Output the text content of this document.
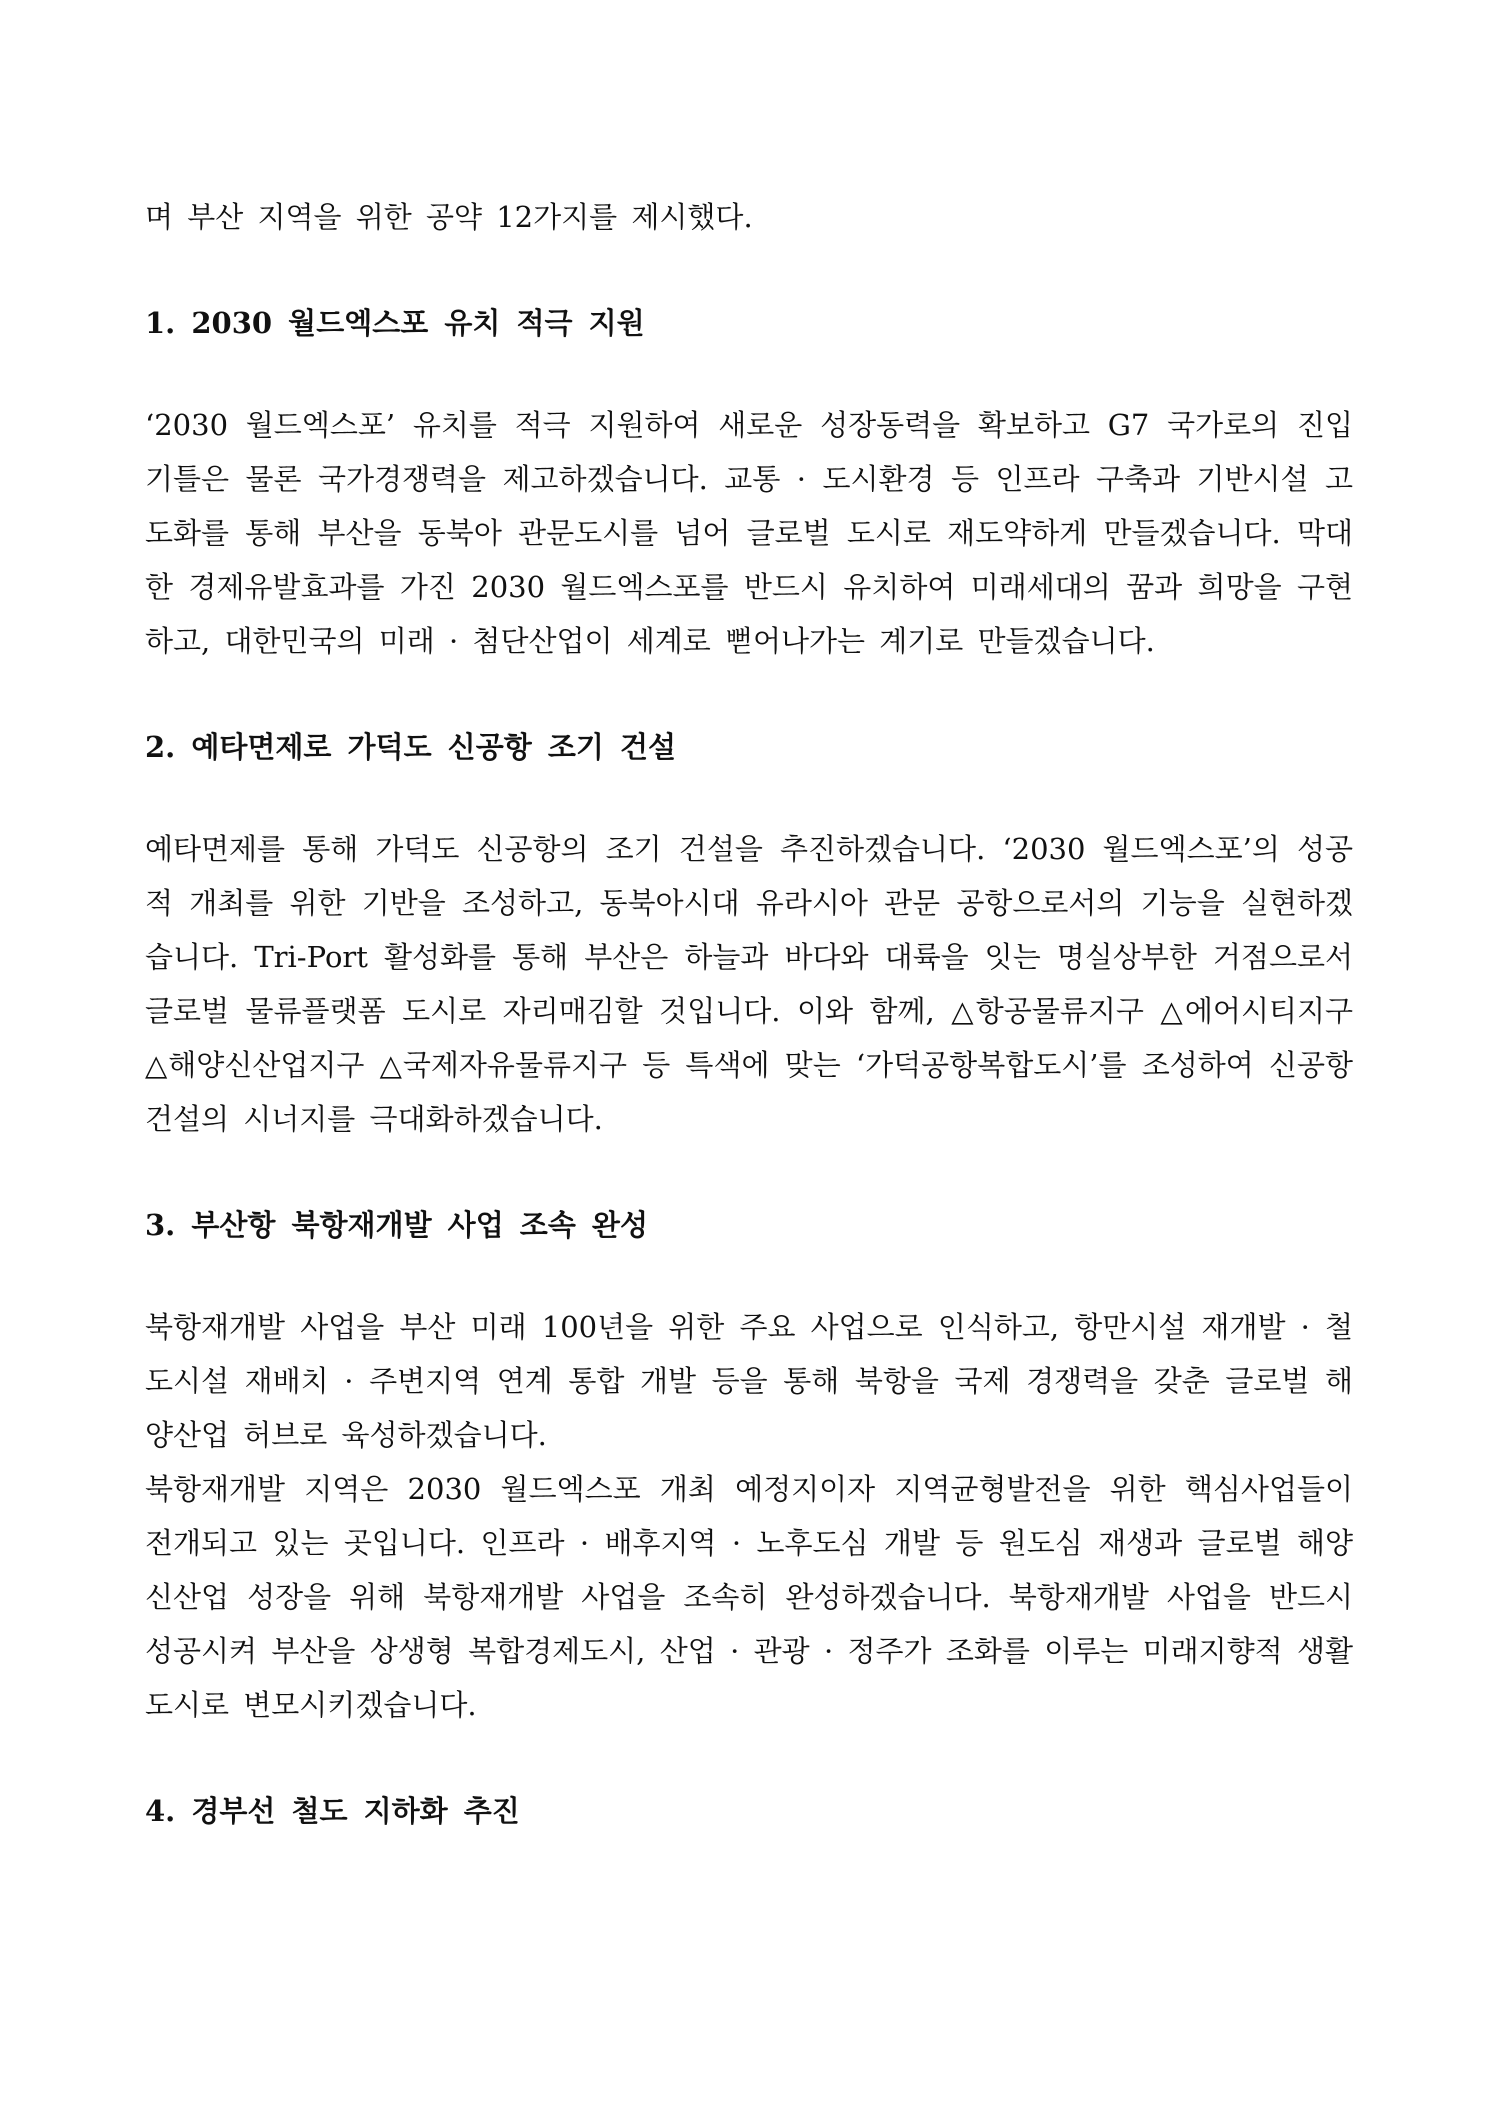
며 부산 지역을 위한 공약 12가지를 제시했다.

1. 2030 월드엑스포 유치 적극 지원

‘2030 월드엑스포’ 유치를 적극 지원하여 새로운 성장동력을 확보하고 G7 국가로의 진입 기틀은 물론 국가경쟁력을 제고하겠습니다. 교통 · 도시환경 등 인프라 구축과 기반시설 고도화를 통해 부산을 동북아 관문도시를 넘어 글로벌 도시로 재도약하게 만들겠습니다. 막대한 경제유발효과를 가진 2030 월드엑스포를 반드시 유치하여 미래세대의 꿈과 희망을 구현하고, 대한민국의 미래 · 첨단산업이 세계로 뻗어나가는 계기로 만들겠습니다.

2. 예타면제로 가덕도 신공항 조기 건설

예타면제를 통해 가덕도 신공항의 조기 건설을 추진하겠습니다. ‘2030 월드엑스포’의 성공적 개최를 위한 기반을 조성하고, 동북아시대 유라시아 관문 공항으로서의 기능을 실현하겠습니다. Tri-Port 활성화를 통해 부산은 하늘과 바다와 대륙을 잇는 명실상부한 거점으로서 글로벌 물류플랫폼 도시로 자리매김할 것입니다. 이와 함께, △항공물류지구 △에어시티지구 △해양신산업지구 △국제자유물류지구 등 특색에 맞는 ‘가덕공항복합도시’를 조성하여 신공항 건설의 시너지를 극대화하겠습니다.

3. 부산항 북항재개발 사업 조속 완성

북항재개발 사업을 부산 미래 100년을 위한 주요 사업으로 인식하고, 항만시설 재개발 · 철도시설 재배치 · 주변지역 연계 통합 개발 등을 통해 북항을 국제 경쟁력을 갖춘 글로벌 해양산업 허브로 육성하겠습니다.

북항재개발 지역은 2030 월드엑스포 개최 예정지이자 지역균형발전을 위한 핵심사업들이 전개되고 있는 곳입니다. 인프라 · 배후지역 · 노후도심 개발 등 원도심 재생과 글로벌 해양신산업 성장을 위해 북항재개발 사업을 조속히 완성하겠습니다. 북항재개발 사업을 반드시 성공시켜 부산을 상생형 복합경제도시, 산업 · 관광 · 정주가 조화를 이루는 미래지향적 생활도시로 변모시키겠습니다.

4. 경부선 철도 지하화 추진
